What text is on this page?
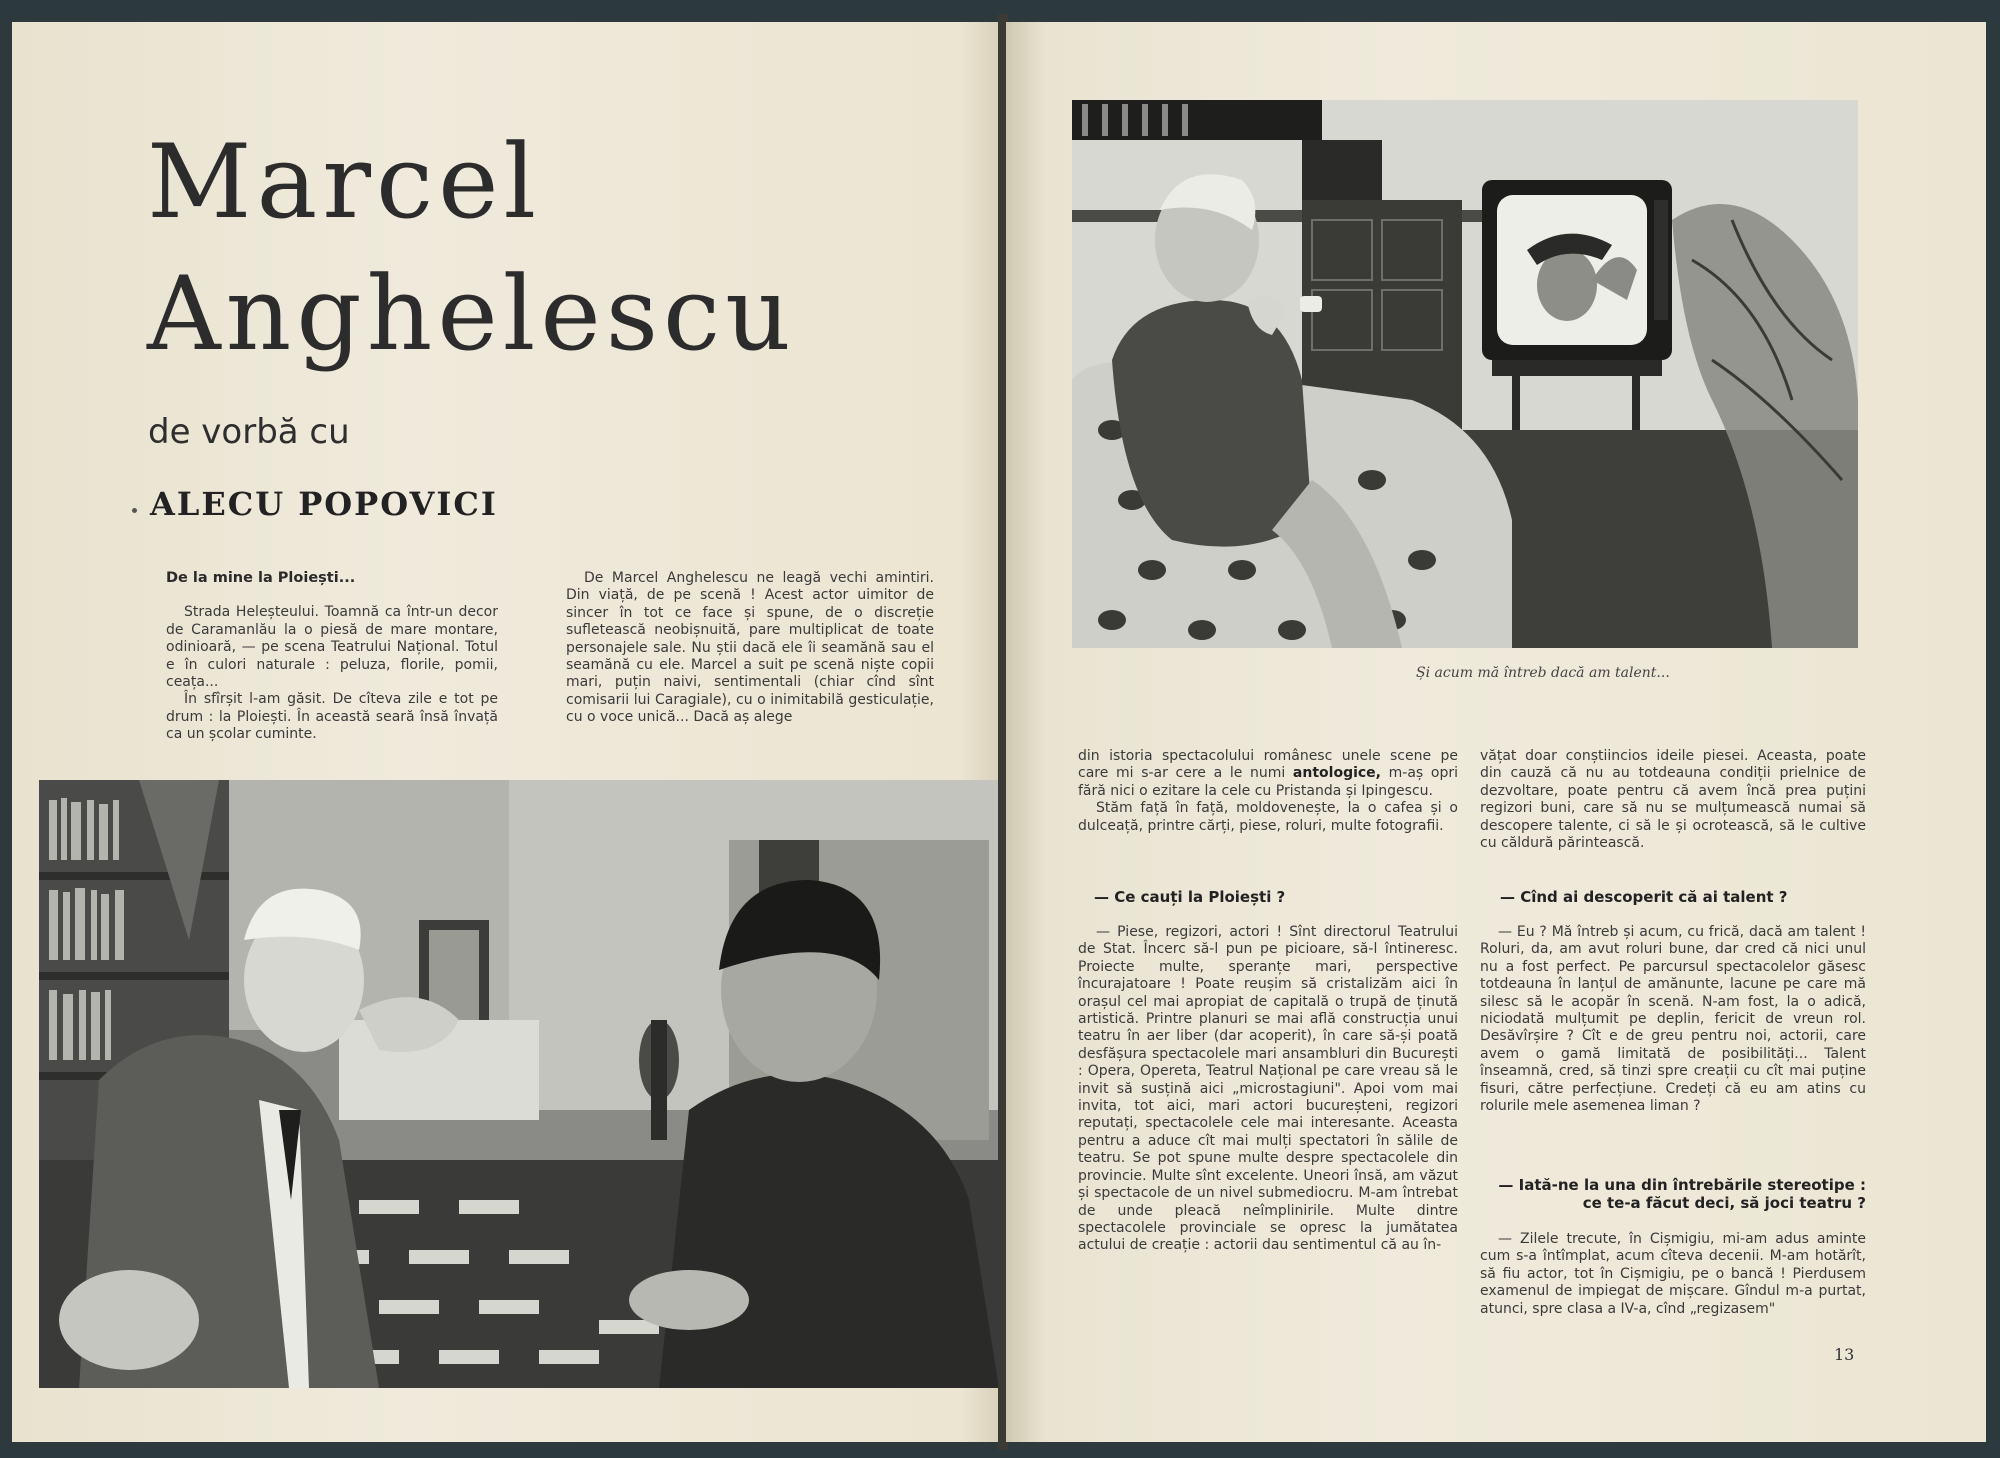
Marcel
Anghelescu
de vorbă cu
ALECU POPOVICI
De la mine la Ploiești...

Strada Heleșteului. Toamnă ca într-un decor de Caramanlău la o piesă de mare montare, odinioară, — pe scena Teatrului Național. Totul e în culori naturale : peluza, florile, pomii, ceața...

În sfîrșit l-am găsit. De cîteva zile e tot pe drum : la Ploiești. În această seară însă învață ca un școlar cuminte.

De Marcel Anghelescu ne leagă vechi amintiri. Din viață, de pe scenă ! Acest actor uimitor de sincer în tot ce face și spune, de o discreție sufletească neobișnuită, pare multiplicat de toate personajele sale. Nu știi dacă ele îi seamănă sau el seamănă cu ele. Marcel a suit pe scenă niște copii mari, puțin naivi, sentimentali (chiar cînd sînt comisarii lui Caragiale), cu o inimitabilă gesticulație, cu o voce unică... Dacă aș alege

Și acum mă întreb dacă am talent...

din istoria spectacolului românesc unele scene pe care mi s-ar cere a le numi antologice, m-aș opri fără nici o ezitare la cele cu Pristanda și Ipingescu.

Stăm față în față, moldovenește, la o cafea și o dulceață, printre cărți, piese, roluri, multe fotografii.

— Ce cauți la Ploiești ?

— Piese, regizori, actori ! Sînt directorul Teatrului de Stat. Încerc să-l pun pe picioare, să-l întineresc. Proiecte multe, speranțe mari, perspective încurajatoare ! Poate reușim să cristalizăm aici în orașul cel mai apropiat de capitală o trupă de ținută artistică. Printre planuri se mai află construcția unui teatru în aer liber (dar acoperit), în care să-și poată desfășura spectacolele mari ansambluri din București : Opera, Opereta, Teatrul Național pe care vreau să le invit să susțină aici „microstagiuni". Apoi vom mai invita, tot aici, mari actori bucureșteni, regizori reputați, spectacolele cele mai interesante. Aceasta pentru a aduce cît mai mulți spectatori în sălile de teatru. Se pot spune multe despre spectacolele din provincie. Multe sînt excelente. Uneori însă, am văzut și spectacole de un nivel submediocru. M-am întrebat de unde pleacă neîmplinirile. Multe dintre spectacolele provinciale se opresc la jumătatea actului de creație : actorii dau sentimentul că au în-

vățat doar conștiincios ideile piesei. Aceasta, poate din cauză că nu au totdeauna condiții prielnice de dezvoltare, poate pentru că avem încă prea puțini regizori buni, care să nu se mulțumească numai să descopere talente, ci să le și ocrotească, să le cultive cu căldură părintească.

— Cînd ai descoperit că ai talent ?

— Eu ? Mă întreb și acum, cu frică, dacă am talent ! Roluri, da, am avut roluri bune, dar cred că nici unul nu a fost perfect. Pe parcursul spectacolelor găsesc totdeauna în lanțul de amănunte, lacune pe care mă silesc să le acopăr în scenă. N-am fost, la o adică, niciodată mulțumit pe deplin, fericit de vreun rol. Desăvîrșire ? Cît e de greu pentru noi, actorii, care avem o gamă limitată de posibilități... Talent înseamnă, cred, să tinzi spre creații cu cît mai puține fisuri, către perfecțiune. Credeți că eu am atins cu rolurile mele asemenea liman ?

— Iată-ne la una din întrebările stereotipe : ce te-a făcut deci, să joci teatru ?

— Zilele trecute, în Cișmigiu, mi-am adus aminte cum s-a întîmplat, acum cîteva decenii. M-am hotărît, să fiu actor, tot în Cișmigiu, pe o bancă ! Pierdusem examenul de impiegat de mișcare. Gîndul m-a purtat, atunci, spre clasa a IV-a, cînd „regizasem"

13
